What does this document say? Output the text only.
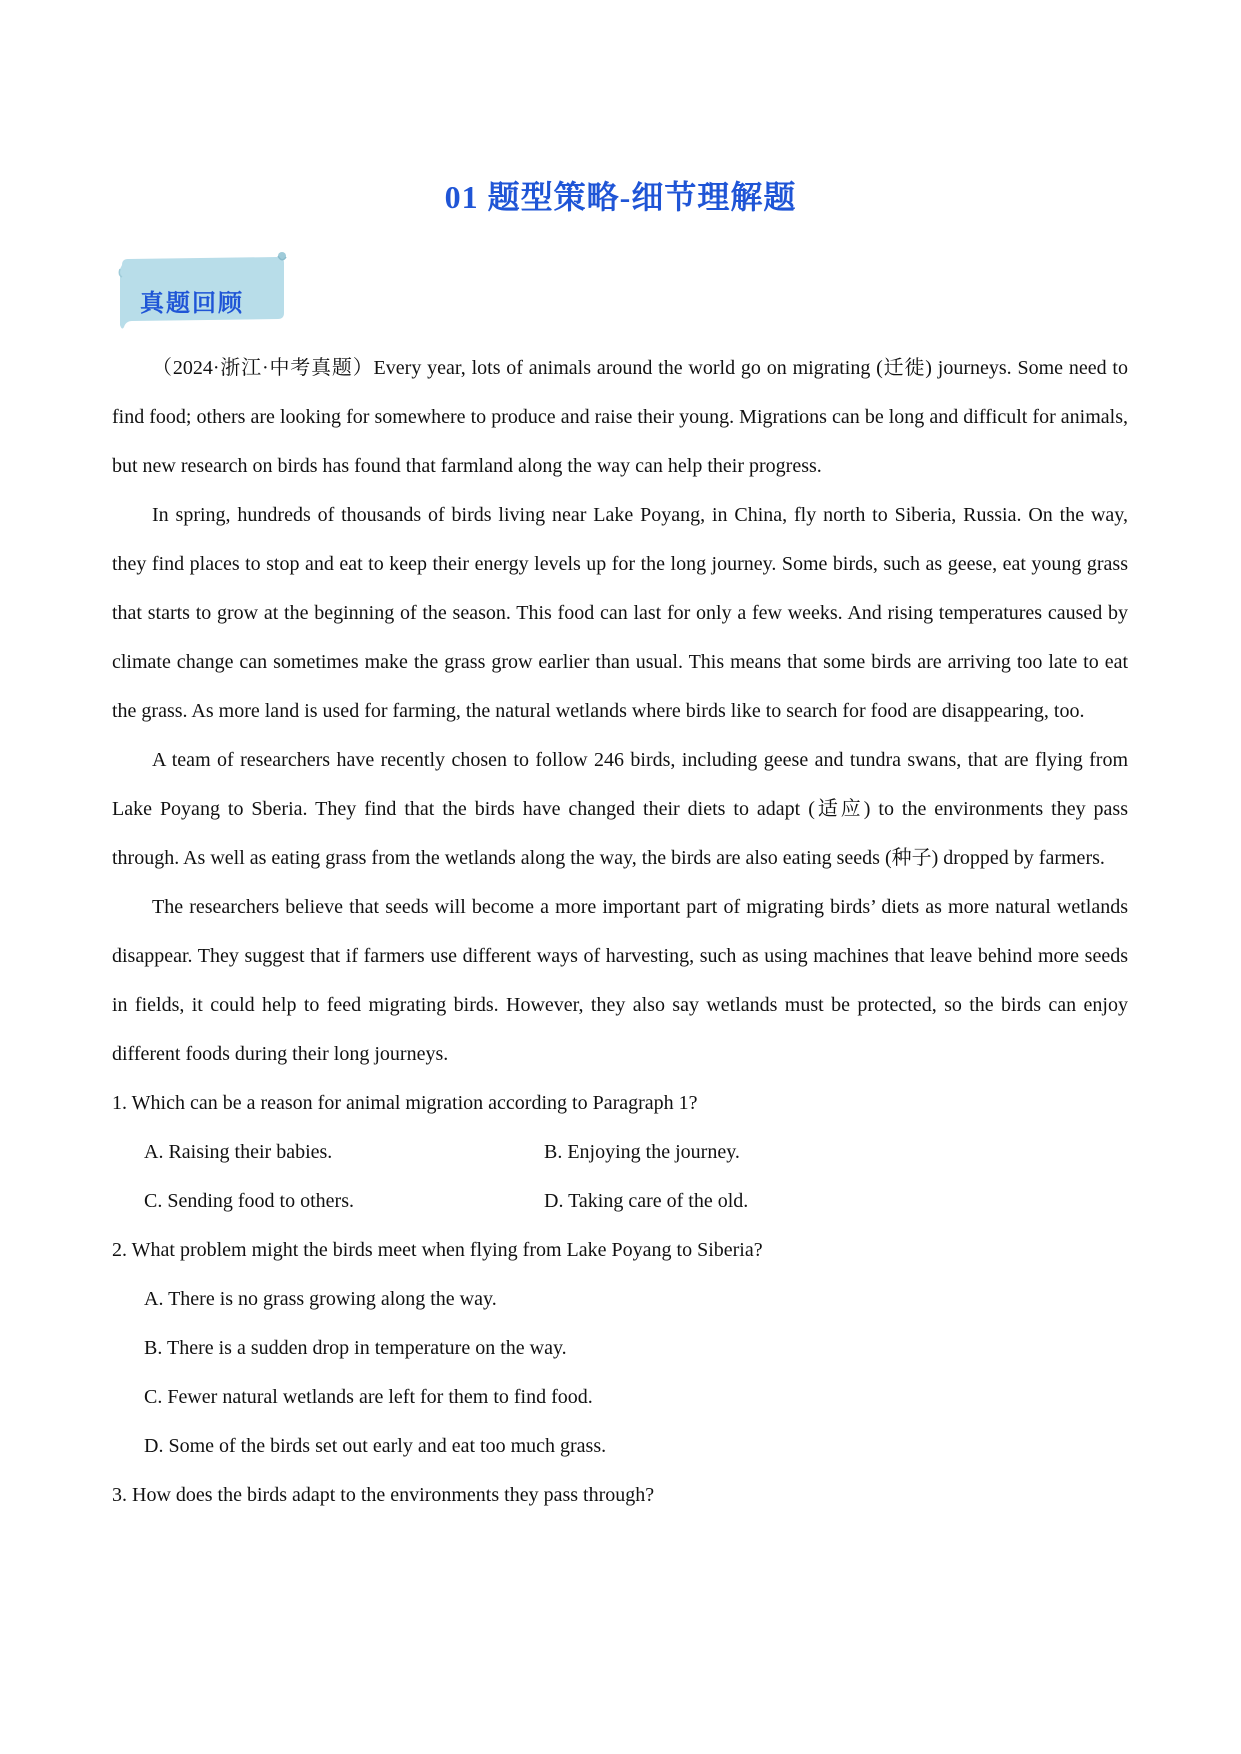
01 题型策略-细节理解题
真题回顾

（2024·浙江·中考真题）Every year, lots of animals around the world go on migrating (迁徙) journeys. Some need to find food; others are looking for somewhere to produce and raise their young. Migrations can be long and difficult for animals, but new research on birds has found that farmland along the way can help their progress.

In spring, hundreds of thousands of birds living near Lake Poyang, in China, fly north to Siberia, Russia. On the way, they find places to stop and eat to keep their energy levels up for the long journey. Some birds, such as geese, eat young grass that starts to grow at the beginning of the season. This food can last for only a few weeks. And rising temperatures caused by climate change can sometimes make the grass grow earlier than usual. This means that some birds are arriving too late to eat the grass. As more land is used for farming, the natural wetlands where birds like to search for food are disappearing, too.

A team of researchers have recently chosen to follow 246 birds, including geese and tundra swans, that are flying from Lake Poyang to Sberia. They find that the birds have changed their diets to adapt (适应) to the environments they pass through. As well as eating grass from the wetlands along the way, the birds are also eating seeds (种子) dropped by farmers.

The researchers believe that seeds will become a more important part of migrating birds’ diets as more natural wetlands disappear. They suggest that if farmers use different ways of harvesting, such as using machines that leave behind more seeds in fields, it could help to feed migrating birds. However, they also say wetlands must be protected, so the birds can enjoy different foods during their long journeys.

1. Which can be a reason for animal migration according to Paragraph 1?

A. Raising their babies.	B. Enjoying the journey.
C. Sending food to others.	D. Taking care of the old.

2. What problem might the birds meet when flying from Lake Poyang to Siberia?

A. There is no grass growing along the way.
B. There is a sudden drop in temperature on the way.
C. Fewer natural wetlands are left for them to find food.
D. Some of the birds set out early and eat too much grass.

3. How does the birds adapt to the environments they pass through?
